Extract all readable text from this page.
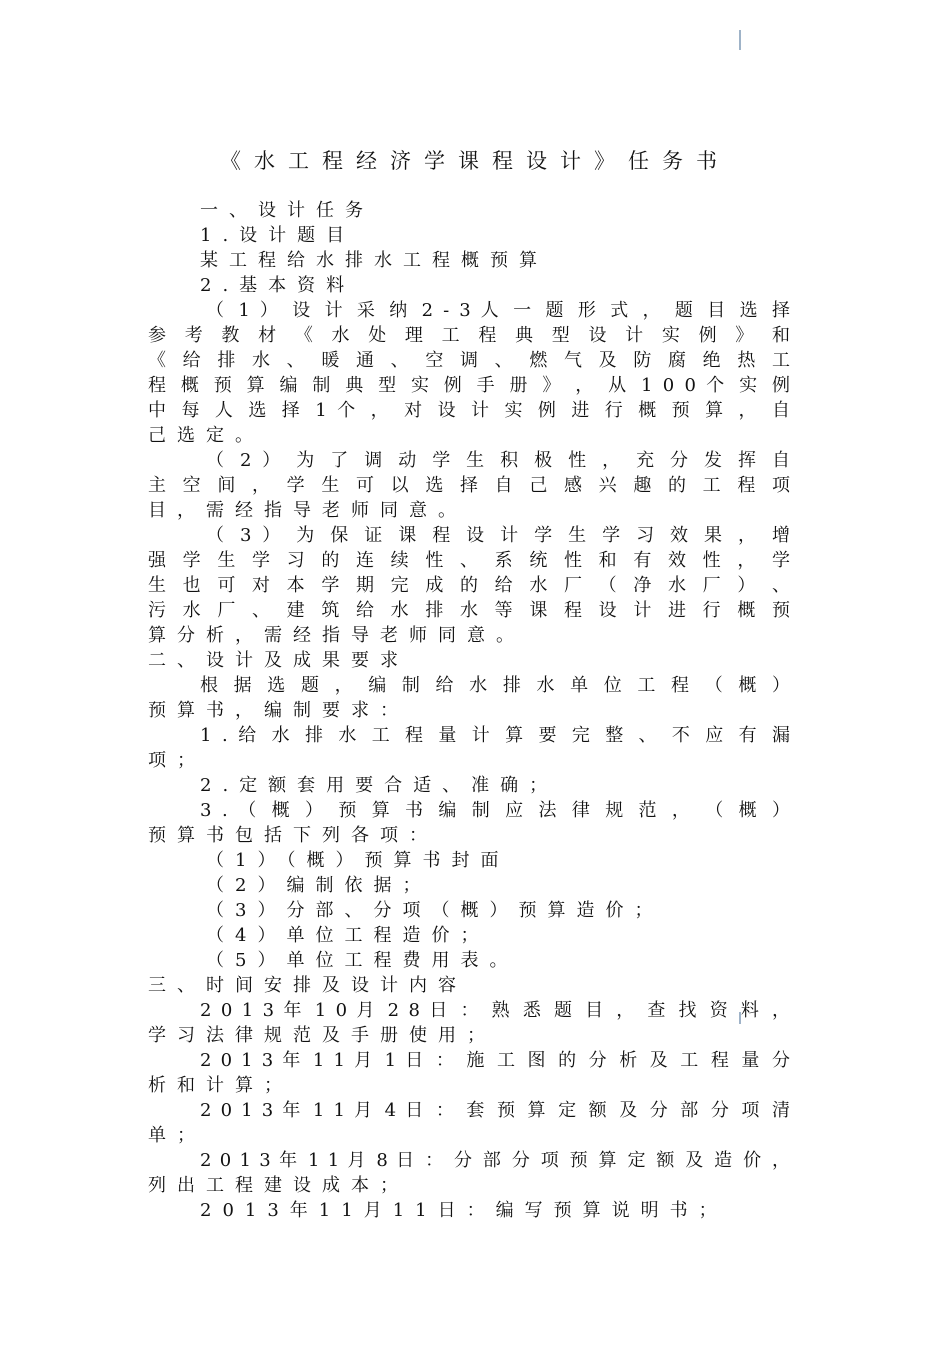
《水工程经济学课程设计》任务书
一、设计任务
1.设计题目
某工程给水排水工程概预算
2.基本资料
（ 1 ） 设 计 采 纳 2 - 3 人 一 题 形 式 ， 题 目 选 择
参 考 教 材 《 水 处 理 工 程 典 型 设 计 实 例 》 和
《 给 排 水 、 暖 通 、 空 调 、 燃 气 及 防 腐 绝 热 工
程 概 预 算 编 制 典 型 实 例 手 册 》 ， 从 1 0 0 个 实 例
中 每 人 选 择 1 个 ， 对 设 计 实 例 进 行 概 预 算 ， 自
己选定。
（ 2 ） 为 了 调 动 学 生 积 极 性 ， 充 分 发 挥 自
主 空 间 ， 学 生 可 以 选 择 自 己 感 兴 趣 的 工 程 项
目，需经指导老师同意。
（ 3 ） 为 保 证 课 程 设 计 学 生 学 习 效 果 ， 增
强 学 生 学 习 的 连 续 性 、 系 统 性 和 有 效 性 ， 学
生 也 可 对 本 学 期 完 成 的 给 水 厂 （ 净 水 厂 ） 、
污 水 厂 、 建 筑 给 水 排 水 等 课 程 设 计 进 行 概 预
算分析，需经指导老师同意。
二、设计及成果要求
根 据 选 题 ， 编 制 给 水 排 水 单 位 工 程 （ 概 ）
预算书，编制要求：
1 . 给 水 排 水 工 程 量 计 算 要 完 整 、 不 应 有 漏
项；
2.定额套用要合适、准确；
3 . （ 概 ） 预 算 书 编 制 应 法 律 规 范 ， （ 概 ）
预算书包括下列各项：
（1）（概）预算书封面
（2）编制依据；
（3）分部、分项（概）预算造价；
（4）单位工程造价；
（5）单位工程费用表。
三、时间安排及设计内容
2 0 1 3 年 1 0 月 2 8 日 ： 熟 悉 题 目 ， 查 找 资 料 ，
学习法律规范及手册使用；
2 0 1 3 年 1 1 月 1 日 ： 施 工 图 的 分 析 及 工 程 量 分
析和计算；
2 0 1 3 年 1 1 月 4 日 ： 套 预 算 定 额 及 分 部 分 项 清
单；
2 0 1 3 年 1 1 月 8 日 ： 分 部 分 项 预 算 定 额 及 造 价 ，
列出工程建设成本；
2013年11月11日：编写预算说明书；
